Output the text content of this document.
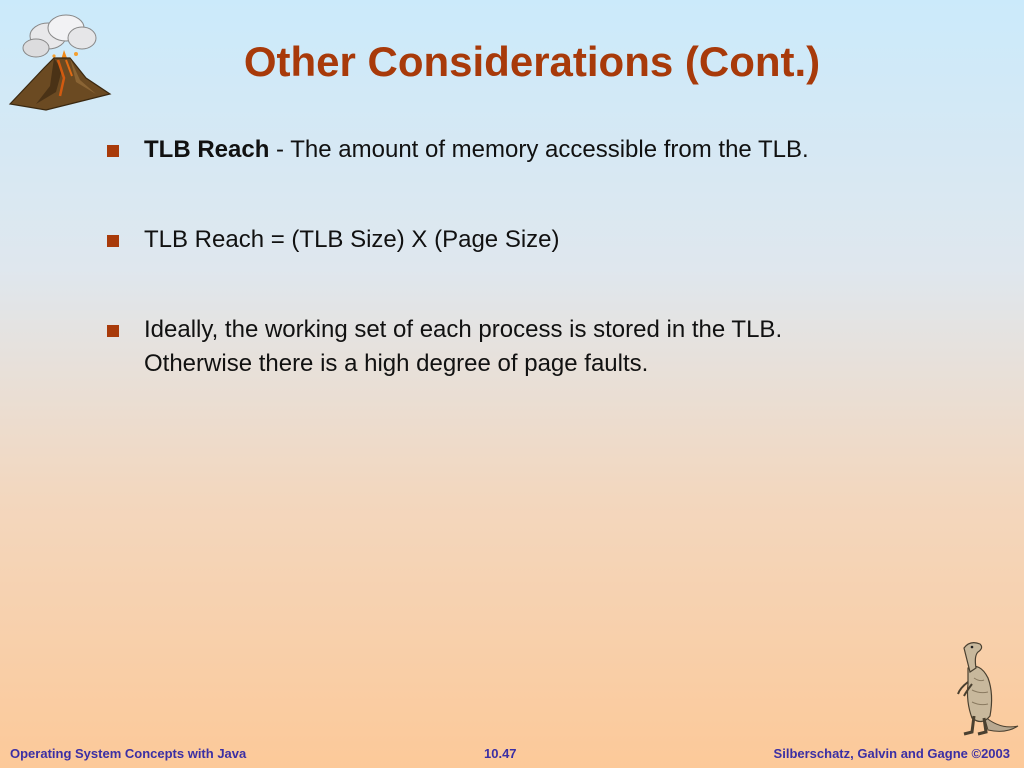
Other Considerations (Cont.)
TLB Reach - The amount of memory accessible from the TLB.
TLB Reach = (TLB Size) X (Page Size)
Ideally, the working set of each process is stored in the TLB.
Otherwise there is a high degree of page faults.
Operating System Concepts with Java	10.47	Silberschatz, Galvin and Gagne ©2003
